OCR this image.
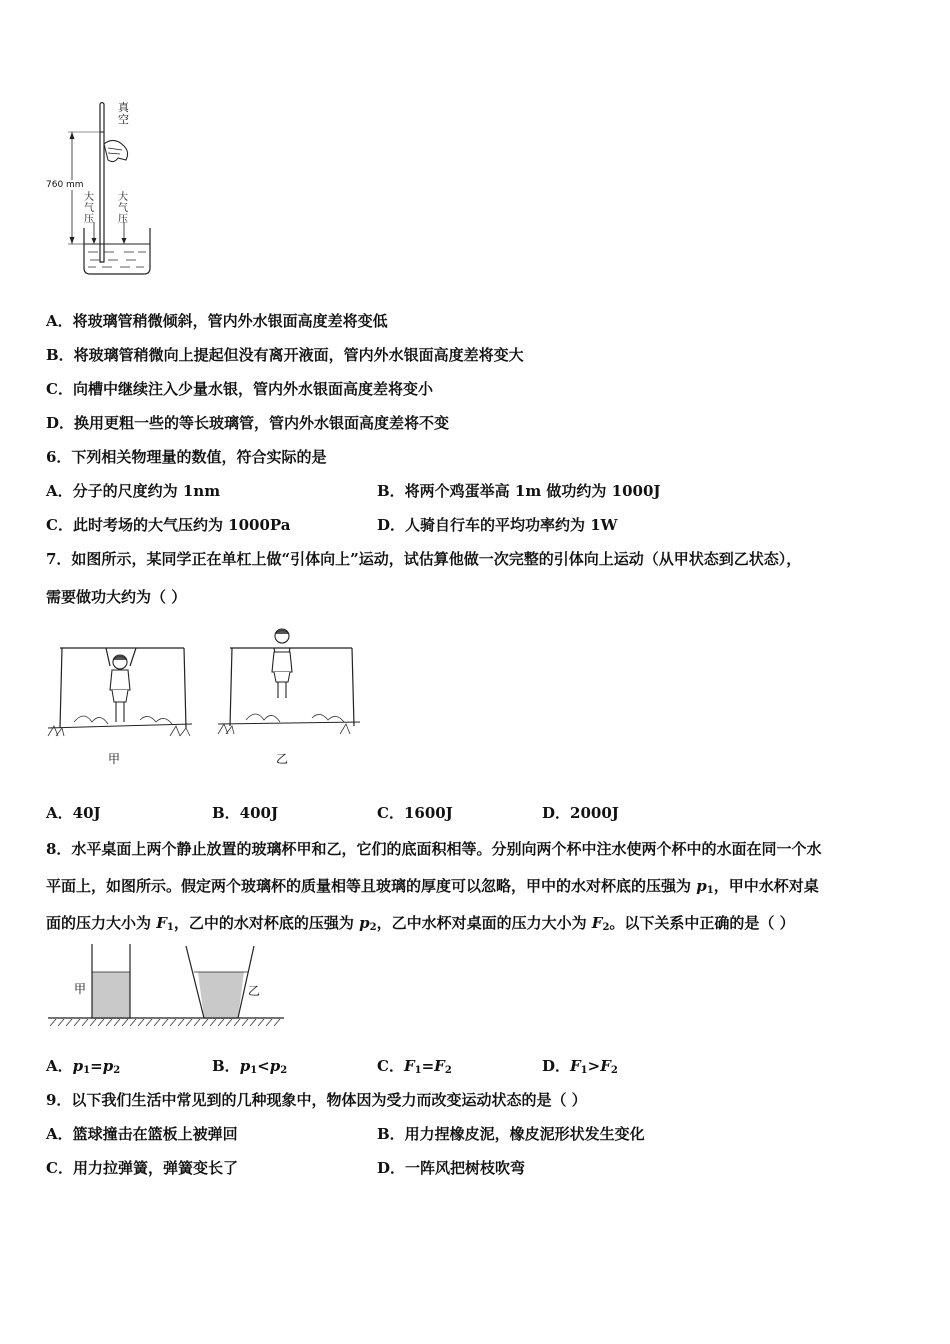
真空
760 mm
大气压
大气压
A．将玻璃管稍微倾斜，管内外水银面高度差将变低
B．将玻璃管稍微向上提起但没有离开液面，管内外水银面高度差将变大
C．向槽中继续注入少量水银，管内外水银面高度差将变小
D．换用更粗一些的等长玻璃管，管内外水银面高度差将不变
6．下列相关物理量的数值，符合实际的是
A．分子的尺度约为 1nm	B．将两个鸡蛋举高 1m 做功约为 1000J
C．此时考场的大气压约为 1000Pa	D．人骑自行车的平均功率约为 1W
7．如图所示，某同学正在单杠上做“引体向上”运动，试估算他做一次完整的引体向上运动（从甲状态到乙状态），
需要做功大约为（ ）
甲	乙
A．40J	B．400J	C．1600J	D．2000J
8．水平桌面上两个静止放置的玻璃杯甲和乙，它们的底面积相等。分别向两个杯中注水使两个杯中的水面在同一个水
平面上，如图所示。假定两个玻璃杯的质量相等且玻璃的厚度可以忽略，甲中的水对杯底的压强为 $p_1$，甲中水杯对桌
面的压力大小为 $F_1$，乙中的水对杯底的压强为 $p_2$，乙中水杯对桌面的压力大小为 $F_2$。以下关系中正确的是（ ）
甲	乙
A．$p_1=p_2$	B．$p_1<p_2$	C．$F_1=F_2$	D．$F_1>F_2$
9．以下我们生活中常见到的几种现象中，物体因为受力而改变运动状态的是（ ）
A．篮球撞击在篮板上被弹回	B．用力捏橡皮泥，橡皮泥形状发生变化
C．用力拉弹簧，弹簧变长了	D．一阵风把树枝吹弯
